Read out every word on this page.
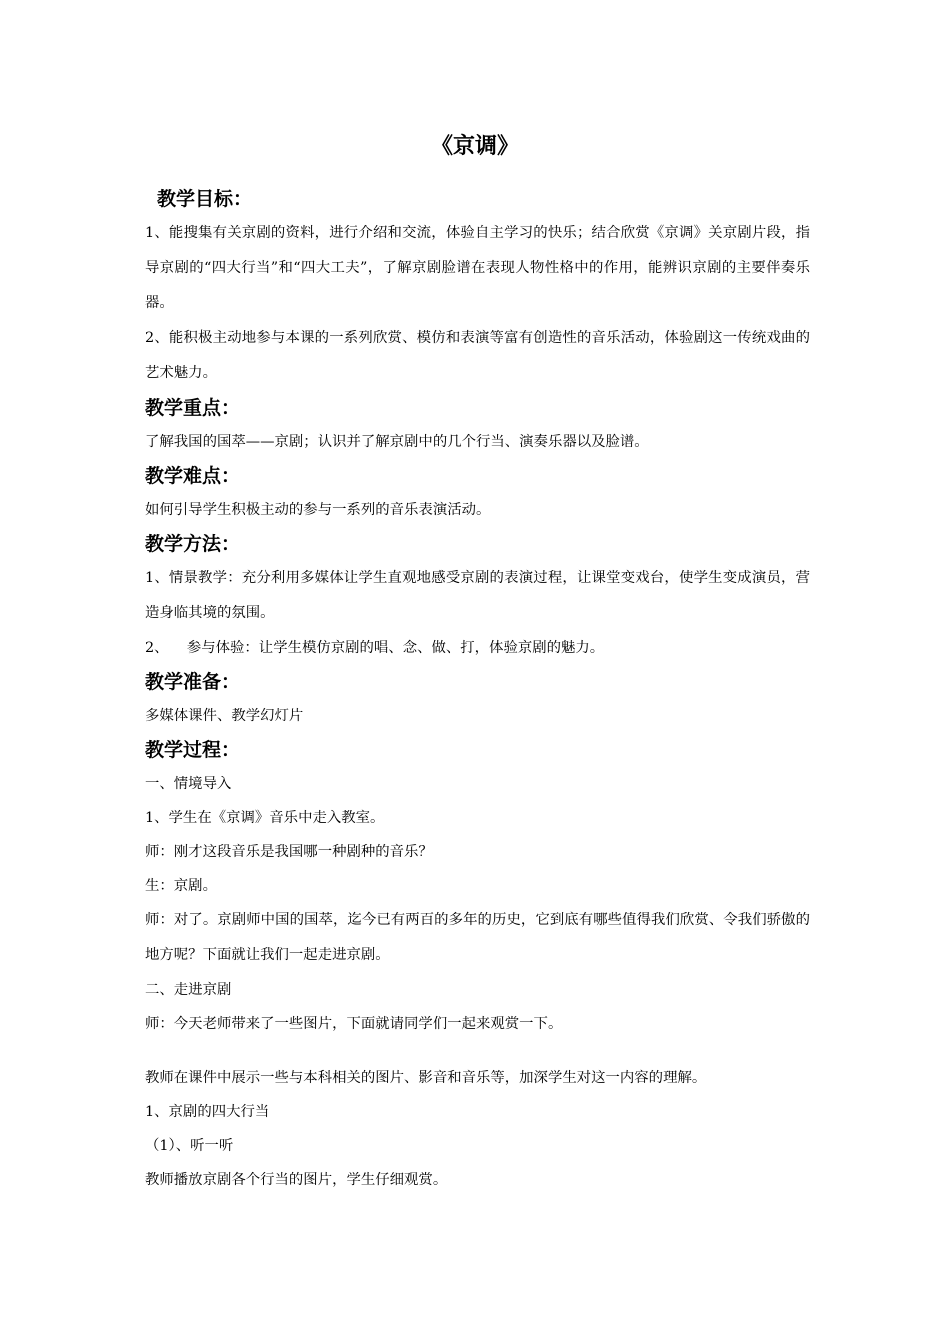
《京调》

教学目标：

1、能搜集有关京剧的资料，进行介绍和交流，体验自主学习的快乐；结合欣赏《京调》关京剧片段，指导京剧的“四大行当”和“四大工夫”，了解京剧脸谱在表现人物性格中的作用，能辨识京剧的主要伴奏乐器。

2、能积极主动地参与本课的一系列欣赏、模仿和表演等富有创造性的音乐活动，体验剧这一传统戏曲的艺术魅力。

教学重点：

了解我国的国萃——京剧；认识并了解京剧中的几个行当、演奏乐器以及脸谱。

教学难点：

如何引导学生积极主动的参与一系列的音乐表演活动。

教学方法：

1、情景教学：充分利用多媒体让学生直观地感受京剧的表演过程，让课堂变戏台，使学生变成演员，营造身临其境的氛围。

2、    参与体验：让学生模仿京剧的唱、念、做、打，体验京剧的魅力。

教学准备：

多媒体课件、教学幻灯片

教学过程：

一、情境导入

1、学生在《京调》音乐中走入教室。

师：刚才这段音乐是我国哪一种剧种的音乐？

生：京剧。

师：对了。京剧师中国的国萃，迄今已有两百的多年的历史，它到底有哪些值得我们欣赏、令我们骄傲的地方呢？下面就让我们一起走进京剧。

二、走进京剧

师：今天老师带来了一些图片，下面就请同学们一起来观赏一下。

教师在课件中展示一些与本科相关的图片、影音和音乐等，加深学生对这一内容的理解。

1、京剧的四大行当

（1）、听一听

教师播放京剧各个行当的图片，学生仔细观赏。
